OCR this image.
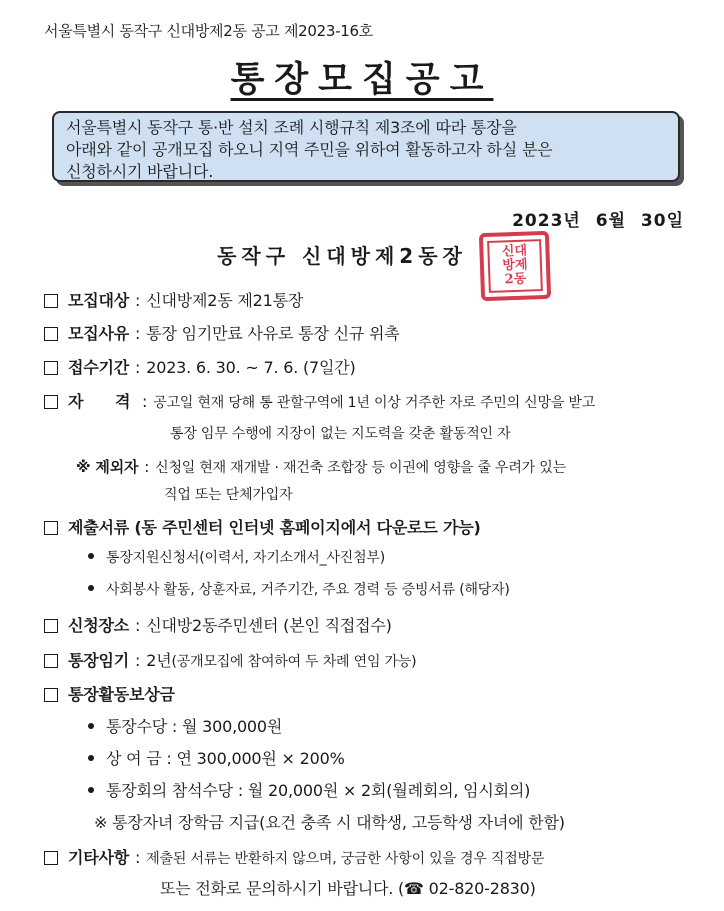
서울특별시 동작구 신대방제2동 공고 제2023-16호
통장모집공고
서울특별시 동작구 통·반 설치 조례 시행규칙 제3조에 따라 통장을
아래와 같이 공개모집 하오니 지역 주민을 위하여 활동하고자 하실 분은
신청하시기 바랍니다.
2023년 6월 30일
동작구 신대방제2동장	신대
방제
2동
모집대상 : 신대방제2동 제21통장
모집사유 : 통장 임기만료 사유로 통장 신규 위촉
접수기간 : 2023. 6. 30. ~ 7. 6. (7일간)
자 격 : 공고일 현재 당해 통 관할구역에 1년 이상 거주한 자로 주민의 신망을 받고
통장 임무 수행에 지장이 없는 지도력을 갖춘 활동적인 자
※ 제외자 : 신청일 현재 재개발 · 재건축 조합장 등 이권에 영향을 줄 우려가 있는
직업 또는 단체가입자
제출서류 (동 주민센터 인터넷 홈페이지에서 다운로드 가능)
통장지원신청서(이력서, 자기소개서_사진첨부)
사회봉사 활동, 상훈자료, 거주기간, 주요 경력 등 증빙서류 (해당자)
신청장소 : 신대방2동주민센터 (본인 직접접수)
통장임기 : 2년(공개모집에 참여하여 두 차례 연임 가능)
통장활동보상금
통장수당 : 월 300,000원
상 여 금 : 연 300,000원 × 200%
통장회의 참석수당 : 월 20,000원 × 2회(월례회의, 임시회의)
※ 통장자녀 장학금 지급(요건 충족 시 대학생, 고등학생 자녀에 한함)
기타사항 : 제출된 서류는 반환하지 않으며, 궁금한 사항이 있을 경우 직접방문
또는 전화로 문의하시기 바랍니다. (☎ 02-820-2830)
